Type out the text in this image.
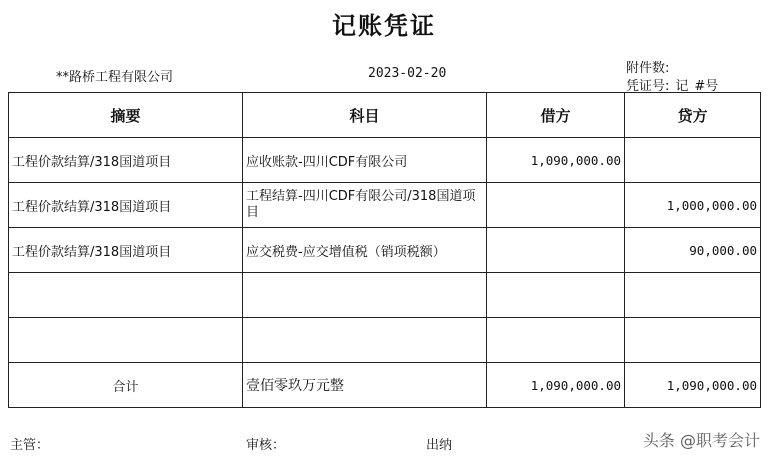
记账凭证
**路桥工程有限公司	2023-02-20	附件数:
凭证号: 记 #号
摘要	科目	借方	贷方
工程价款结算/318国道项目	应收账款-四川CDF有限公司	1,090,000.00	
工程价款结算/318国道项目	工程结算-四川CDF有限公司/318国道项目		1,000,000.00
工程价款结算/318国道项目	应交税费-应交增值税（销项税额）		90,000.00

合计	壹佰零玖万元整	1,090,000.00	1,090,000.00
主管：	审核：	出纳	头条 @职考会计
